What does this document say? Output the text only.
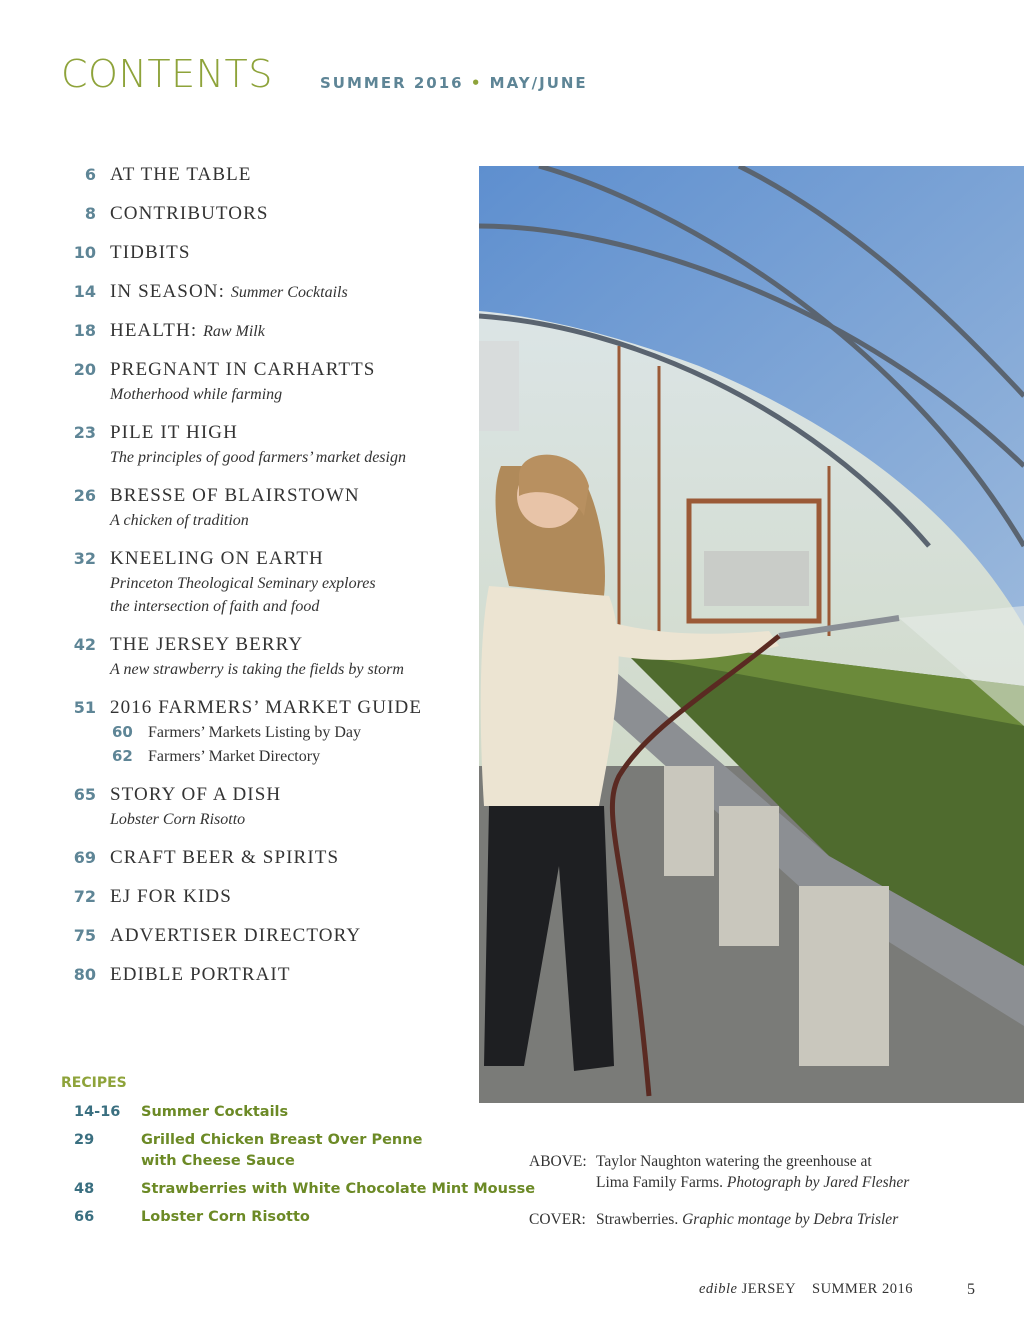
CONTENTS	SUMMER 2016 • MAY/JUNE
6 AT THE TABLE
8 CONTRIBUTORS
10 TIDBITS
14 IN SEASON: Summer Cocktails
18 HEALTH: Raw Milk
20 PREGNANT IN CARHARTTS
Motherhood while farming
23 PILE IT HIGH
The principles of good farmers’ market design
26 BRESSE OF BLAIRSTOWN
A chicken of tradition
32 KNEELING ON EARTH
Princeton Theological Seminary explores
the intersection of faith and food
42 THE JERSEY BERRY
A new strawberry is taking the fields by storm
51 2016 FARMERS’ MARKET GUIDE
60 Farmers’ Markets Listing by Day
62 Farmers’ Market Directory
65 STORY OF A DISH
Lobster Corn Risotto
69 CRAFT BEER & SPIRITS
72 EJ FOR KIDS
75 ADVERTISER DIRECTORY
80 EDIBLE PORTRAIT
RECIPES
14-16 Summer Cocktails
29	Grilled Chicken Breast Over Penne
with Cheese Sauce
48	Strawberries with White Chocolate Mint Mousse
66	Lobster Corn Risotto
ABOVE: Taylor Naughton watering the greenhouse at
Lima Family Farms. Photograph by Jared Flesher
COVER: Strawberries. Graphic montage by Debra Trisler
edible JERSEY SUMMER 2016	5
